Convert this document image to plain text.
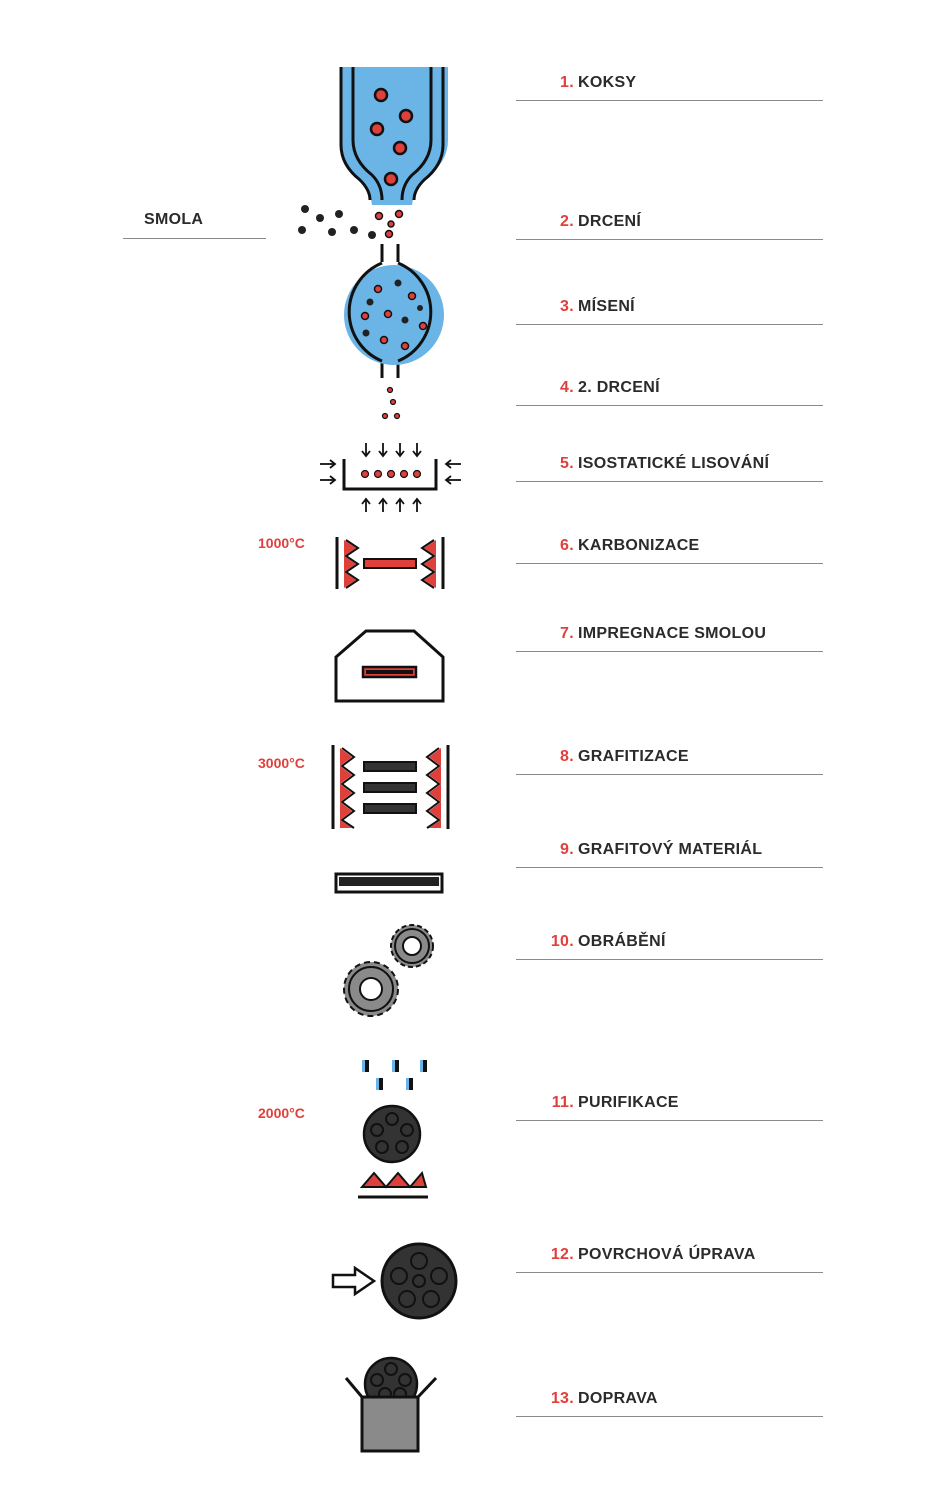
SMOLA
1000°C
3000°C
2000°C
1. KOKSY
2. DRCENÍ
3. MÍSENÍ
4. 2. DRCENÍ
5. ISOSTATICKÉ LISOVÁNÍ
6. KARBONIZACE
7. IMPREGNACE SMOLOU
8. GRAFITIZACE
9. GRAFITOVÝ MATERIÁL
10. OBRÁBĚNÍ
11. PURIFIKACE
12. POVRCHOVÁ ÚPRAVA
13. DOPRAVA
